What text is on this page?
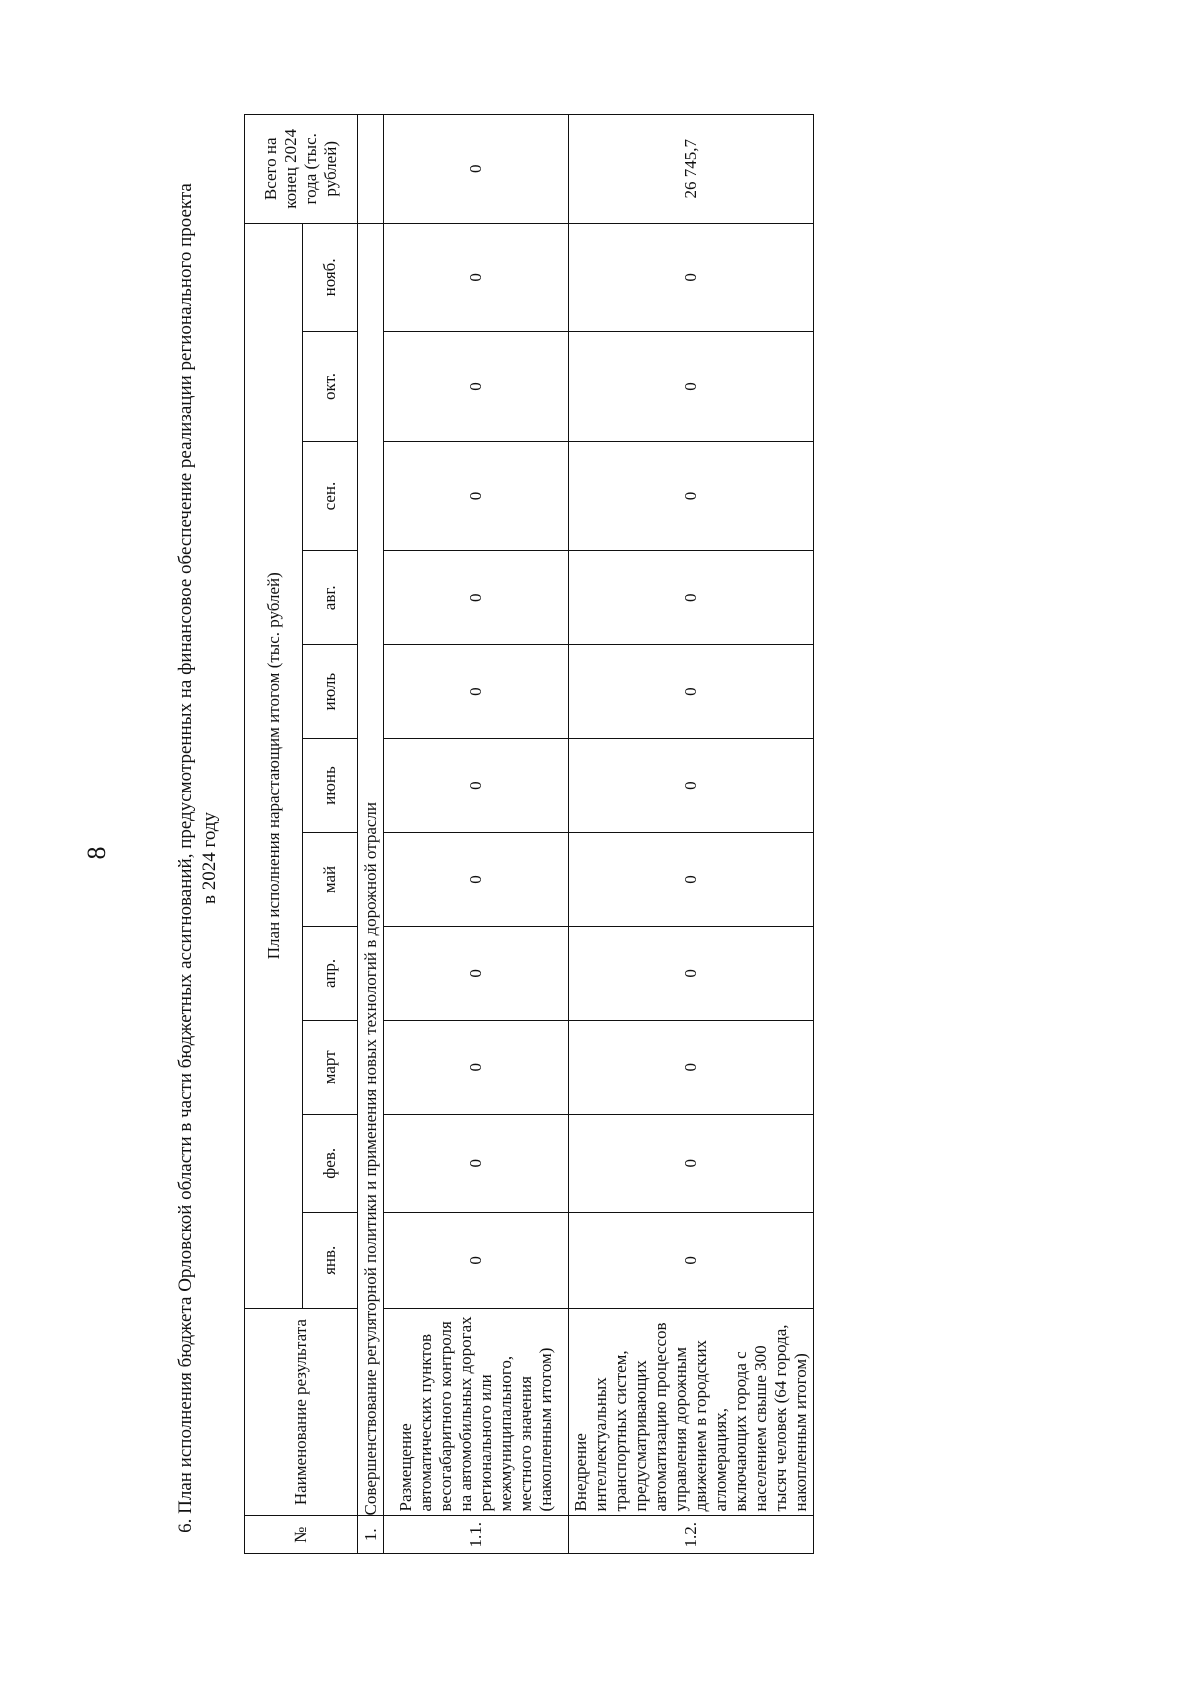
8	6. План исполнения бюджета Орловской области в части бюджетных ассигнований, предусмотренных на финансовое обеспечение реализации регионального проекта в 2024 году
№	Наименование результата	План исполнения нарастающим итогом (тыс. рублей)											Всего на конец 2024 года (тыс. рублей)
		янв.	фев.	март	апр.	май	июнь	июль	авг.	сен.	окт.	нояб.	
1.	Совершенствование регуляторной политики и применения новых технологий в дорожной отрасли												
1.1.	Размещение автоматических пунктов весогабаритного контроля на автомобильных дорогах регионального или межмуниципального, местного значения (накопленным итогом)	0	0	0	0	0	0	0	0	0	0	0	0
1.2.	Внедрение интеллектуальных транспортных систем, предусматривающих автоматизацию процессов управления дорожным движением в городских агломерациях, включающих города с населением свыше 300 тысяч человек (64 города, накопленным итогом)	0	0	0	0	0	0	0	0	0	0	0	26 745,7
